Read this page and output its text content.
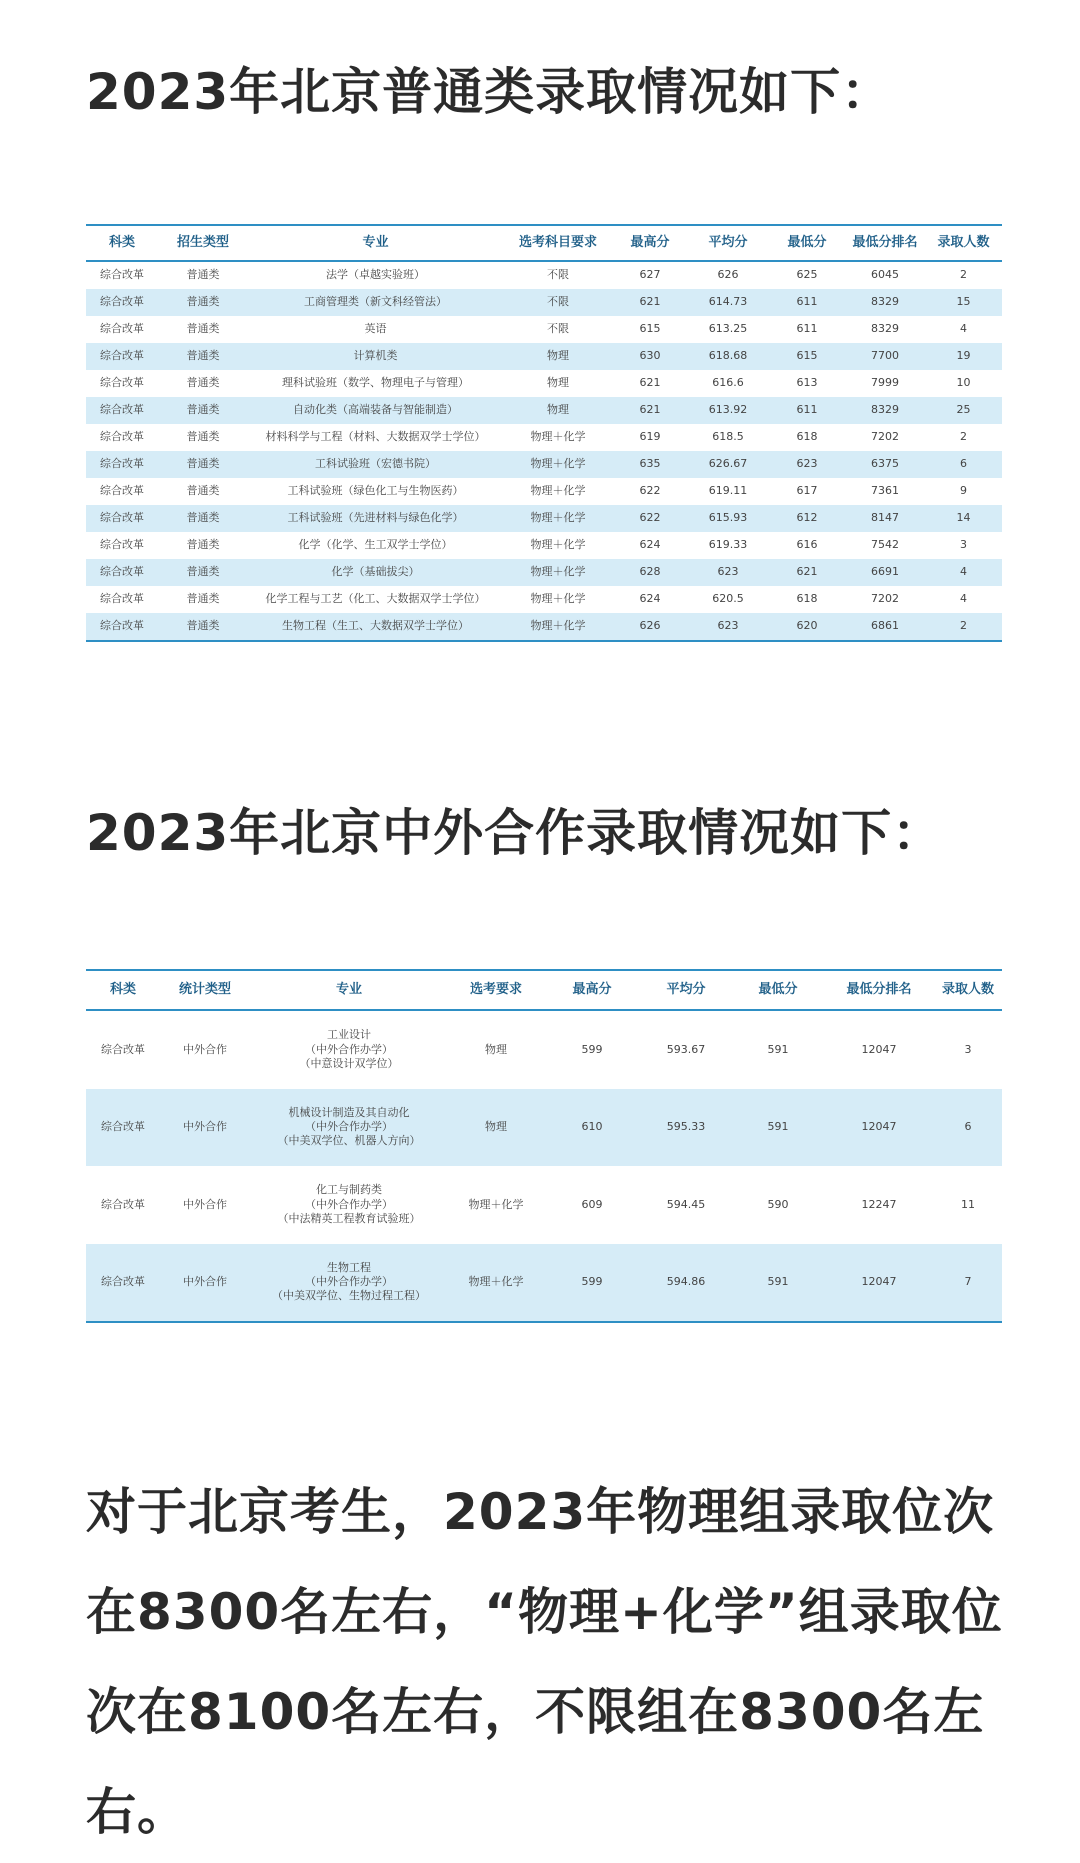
2023年北京普通类录取情况如下：
科类	招生类型	专业	选考科目要求	最高分	平均分	最低分	最低分排名	录取人数
综合改革	普通类	法学（卓越实验班）	不限	627	626	625	6045	2
综合改革	普通类	工商管理类（新文科经管法）	不限	621	614.73	611	8329	15
综合改革	普通类	英语	不限	615	613.25	611	8329	4
综合改革	普通类	计算机类	物理	630	618.68	615	7700	19
综合改革	普通类	理科试验班（数学、物理电子与管理）	物理	621	616.6	613	7999	10
综合改革	普通类	自动化类（高端装备与智能制造）	物理	621	613.92	611	8329	25
综合改革	普通类	材料科学与工程（材料、大数据双学士学位）	物理＋化学	619	618.5	618	7202	2
综合改革	普通类	工科试验班（宏德书院）	物理＋化学	635	626.67	623	6375	6
综合改革	普通类	工科试验班（绿色化工与生物医药）	物理＋化学	622	619.11	617	7361	9
综合改革	普通类	工科试验班（先进材料与绿色化学）	物理＋化学	622	615.93	612	8147	14
综合改革	普通类	化学（化学、生工双学士学位）	物理＋化学	624	619.33	616	7542	3
综合改革	普通类	化学（基础拔尖）	物理＋化学	628	623	621	6691	4
综合改革	普通类	化学工程与工艺（化工、大数据双学士学位）	物理＋化学	624	620.5	618	7202	4
综合改革	普通类	生物工程（生工、大数据双学士学位）	物理＋化学	626	623	620	6861	2
2023年北京中外合作录取情况如下：
科类	统计类型	专业	选考要求	最高分	平均分	最低分	最低分排名	录取人数
综合改革	中外合作	工业设计
（中外合作办学）
（中意设计双学位）	物理	599	593.67	591	12047	3
综合改革	中外合作	机械设计制造及其自动化
（中外合作办学）
（中美双学位、机器人方向）	物理	610	595.33	591	12047	6
综合改革	中外合作	化工与制药类
（中外合作办学）
（中法精英工程教育试验班）	物理＋化学	609	594.45	590	12247	11
综合改革	中外合作	生物工程
（中外合作办学）
（中美双学位、生物过程工程）	物理＋化学	599	594.86	591	12047	7

对于北京考生，2023年物理组录取位次在8300名左右，“物理+化学”组录取位次在8100名左右，不限组在8300名左右。
